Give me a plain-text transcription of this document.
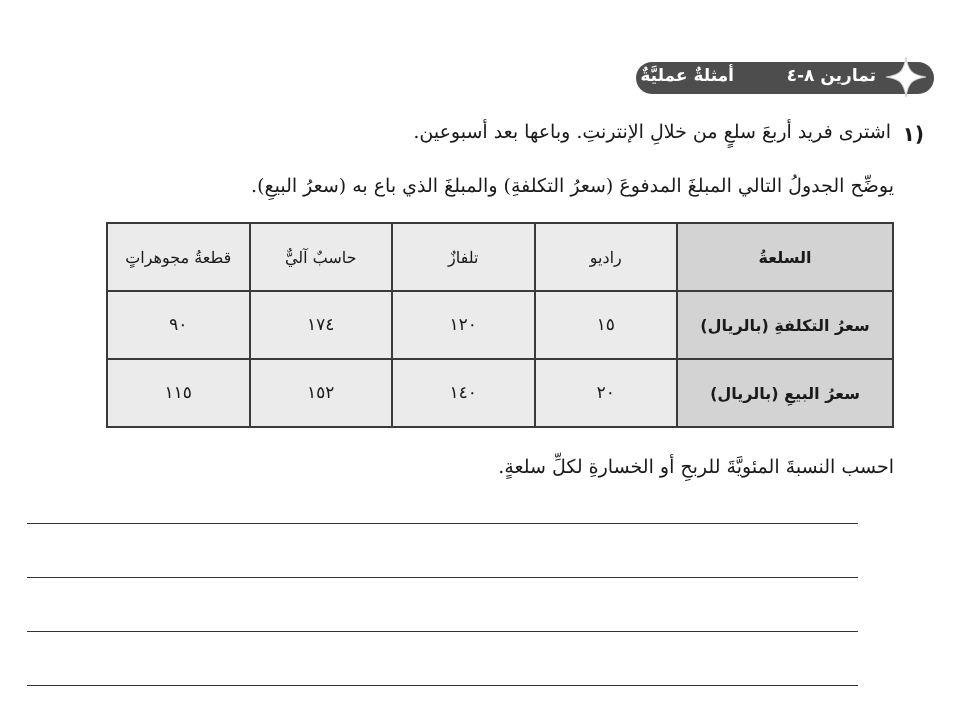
تمارين ٨-٤
أمثلةٌ عمليَّةٌ
١)
اشترى فريد أربعَ سلعٍ من خلالِ الإنترنتِ. وباعها بعد أسبوعين.
يوضِّح الجدولُ التالي المبلغَ المدفوعَ (سعرُ التكلفةِ) والمبلغَ الذي باع به (سعرُ البيعِ).
السلعةُ	راديو	تلفازٌ	حاسبٌ آليٌّ	قطعةُ مجوهراتٍ
سعرُ التكلفةِ (بالريال)	١٥	١٢٠	١٧٤	٩٠
سعرُ البيعِ (بالريال)	٢٠	١٤٠	١٥٢	١١٥
احسب النسبةَ المئويَّةَ للربحِ أو الخسارةِ لكلِّ سلعةٍ.
